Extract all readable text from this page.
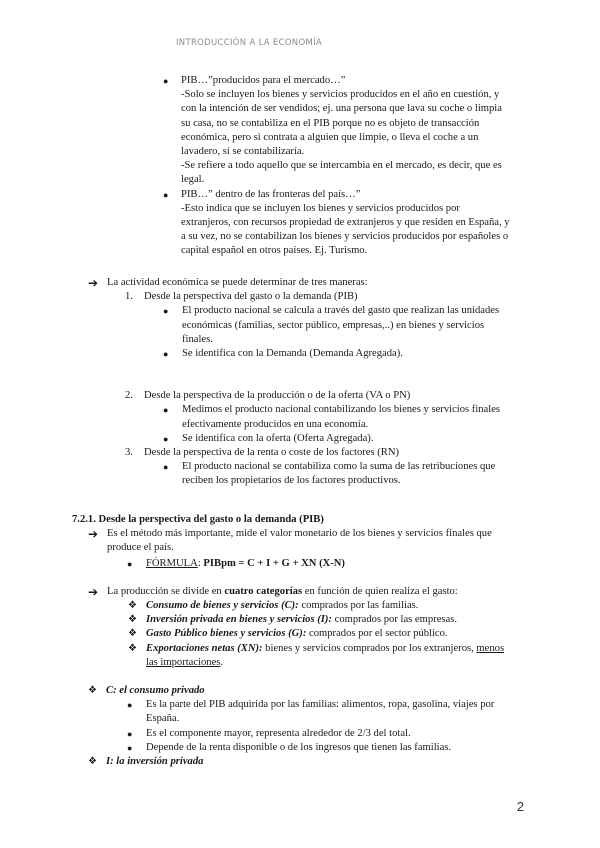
INTRODUCCIÓN A LA ECONOMÍA
● PIB…”producidos para el mercado…”

-Solo se incluyen los bienes y servicios producidos en el año en cuestión, y

con la intención de ser vendidos; ej. una persona que lava su coche o limpia

su casa, no se contabiliza en el PIB porque no es objeto de transacción

económica, pero si contrata a alguien que limpie, o lleva el coche a un

lavadero, sí se contabilizaría.

-Se refiere a todo aquello que se intercambia en el mercado, es decir, que es

legal.

● PIB…” dentro de las fronteras del país…”

-Esto indica que se incluyen los bienes y servicios producidos por

extranjeros, con recursos propiedad de extranjeros y que residen en España, y

a su vez, no se contabilizan los bienes y servicios producidos por españoles o

capital español en otros países. Ej. Turismo.

➔ La actividad económica se puede determinar de tres maneras:

1. Desde la perspectiva del gasto o la demanda (PIB)

● El producto nacional se calcula a través del gasto que realizan las unidades

económicas (familias, sector público, empresas,..) en bienes y servicios

finales.

● Se identifica con la Demanda (Demanda Agregada).

2. Desde la perspectiva de la producción o de la oferta (VA o PN)

● Medimos el producto nacional contabilizando los bienes y servicios finales

efectivamente producidos en una economía.

● Se identifica con la oferta (Oferta Agregada).

3. Desde la perspectiva de la renta o coste de los factores (RN)

● El producto nacional se contabiliza como la suma de las retribuciones que

reciben los propietarios de los factores productivos.

7.2.1. Desde la perspectiva del gasto o la demanda (PIB)

➔ Es el método más importante, mide el valor monetario de los bienes y servicios finales que

produce el país.

● FÓRMULA: PIBpm = C + I + G + XN (X-N)

➔ La producción se divide en cuatro categorías en función de quien realiza el gasto:

❖ Consumo de bienes y servicios (C): comprados por las familias.

❖ Inversión privada en bienes y servicios (I): comprados por las empresas.

❖ Gasto Público bienes y servicios (G): comprados por el sector público.

❖ Exportaciones netas (XN): bienes y servicios comprados por los extranjeros, menos

las importaciones.

❖ C: el consumo privado

● Es la parte del PIB adquirida por las familias: alimentos, ropa, gasolina, viajes por

España.

● Es el componente mayor, representa alrededor de 2/3 del total.

● Depende de la renta disponible o de los ingresos que tienen las familias.

❖ I: la inversión privada

2
